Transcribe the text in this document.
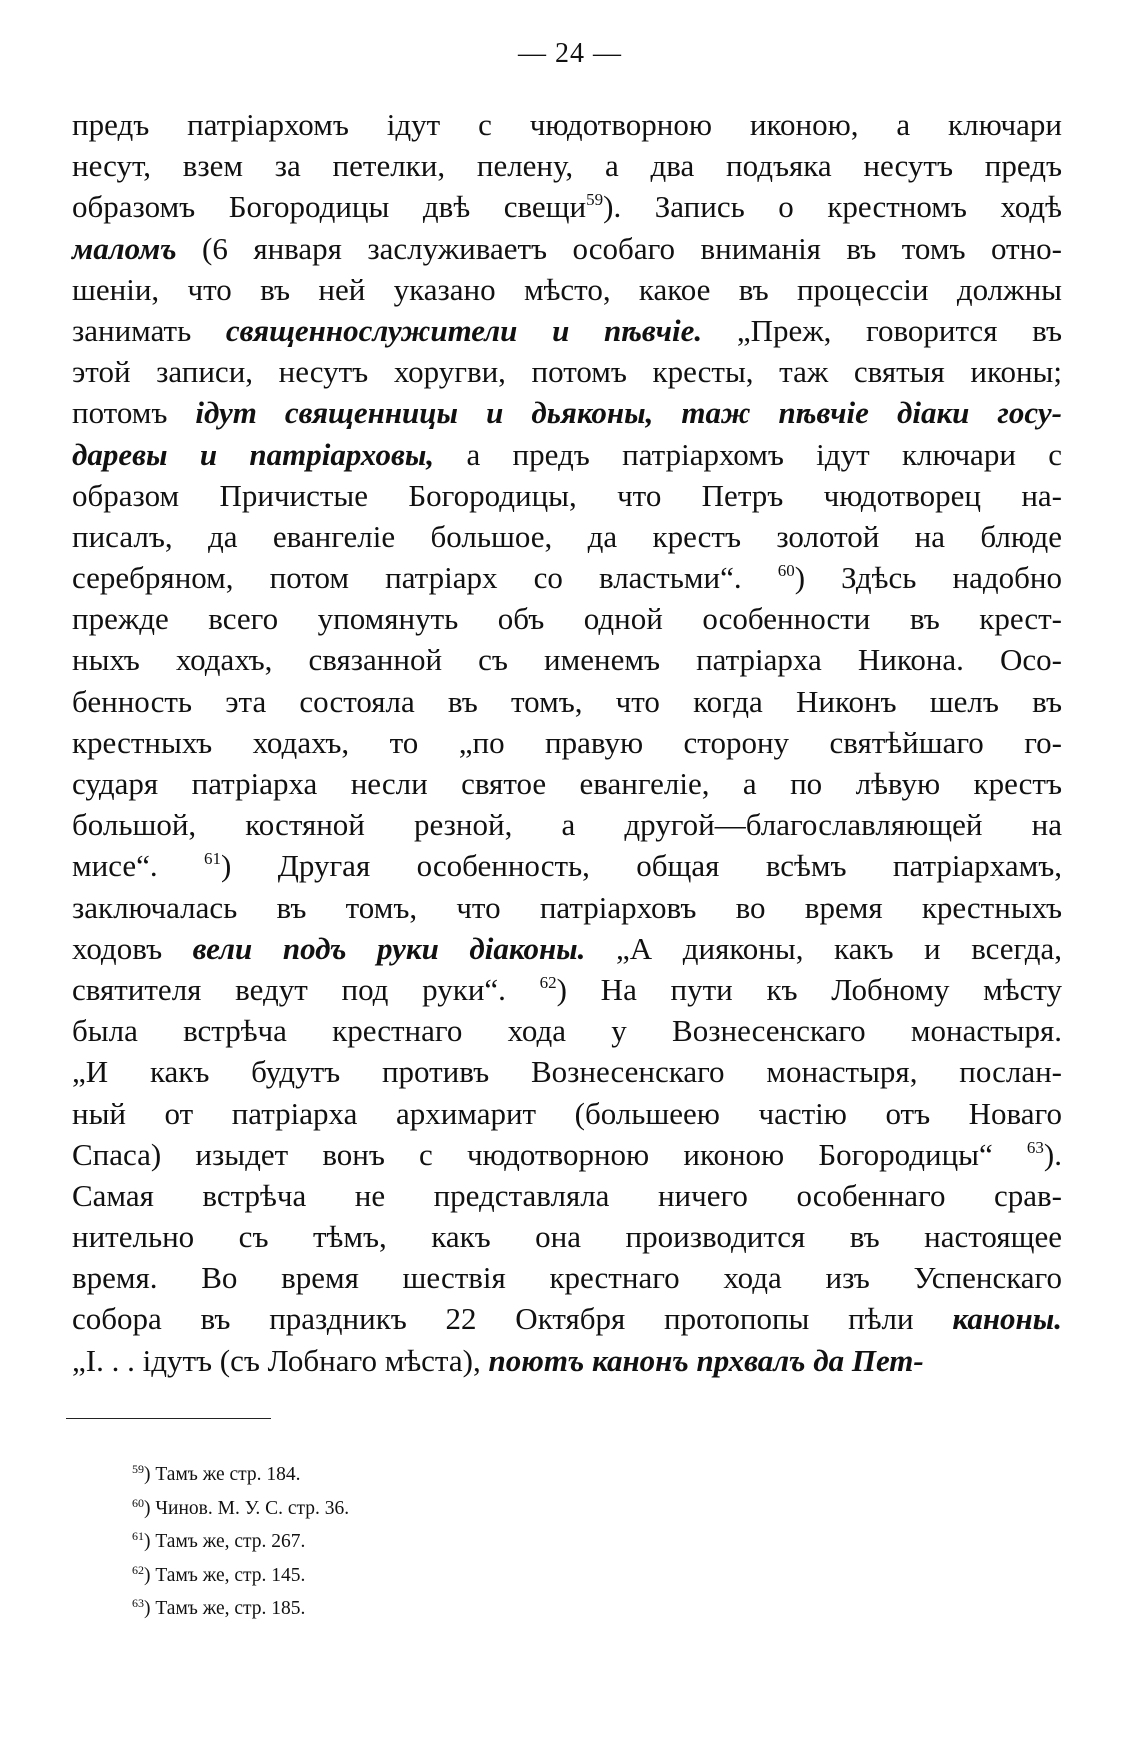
— 24 —
предъ патріархомъ ідут с чюдотворною иконою, а ключари
несут, взем за петелки, пелену, а два подъяка несутъ предъ
образомъ Богородицы двѣ свещи$^{59}$). Запись о крестномъ ходѣ
маломъ (6 января заслуживаетъ особаго вниманія въ томъ отно-
шеніи, что въ ней указано мѣсто, какое въ процессіи должны
занимать священнослужители и пѣвчіе. „Преж, говорится въ
этой записи, несутъ хоругви, потомъ кресты, таж святыя иконы;
потомъ ідут священницы и дьяконы, таж пѣвчіе діаки госу-
даревы и патріарховы, а предъ патріархомъ ідут ключари с
образом Причистые Богородицы, что Петръ чюдотворец на-
писалъ, да евангеліе большое, да крестъ золотой на блюде
серебряном, потом патріарх со властьми“. $^{60}$) Здѣсь надобно
прежде всего упомянуть объ одной особенности въ крест-
ныхъ ходахъ, связанной съ именемъ патріарха Никона. Осо-
бенность эта состояла въ томъ, что когда Никонъ шелъ въ
крестныхъ ходахъ, то „по правую сторону святѣйшаго го-
сударя патріарха несли святое евангеліе, а по лѣвую крестъ
большой, костяной резной, а другой—благославляющей на
мисе“. $^{61}$) Другая особенность, общая всѣмъ патріархамъ,
заключалась въ томъ, что патріарховъ во время крестныхъ
ходовъ вели подъ руки діаконы. „А дияконы, какъ и всегда,
святителя ведут под руки“. $^{62}$) На пути къ Лобному мѣсту
была встрѣча крестнаго хода у Вознесенскаго монастыря.
„И какъ будутъ противъ Вознесенскаго монастыря, послан-
ный от патріарха архимарит (большеею частію отъ Новаго
Спаса) изыдет вонъ с чюдотворною иконою Богородицы“ $^{63}$).
Самая встрѣча не представляла ничего особеннаго срав-
нительно съ тѣмъ, какъ она производится въ настоящее
время. Во время шествія крестнаго хода изъ Успенскаго
собора въ праздникъ 22 Октября протопопы пѣли каноны.
„І. . . ідутъ (съ Лобнаго мѣста), поютъ канонъ прхвалъ да Пет-
$^{59}$) Тамъ же стр. 184.
$^{60}$) Чинов. М. У. С. стр. 36.
$^{61}$) Тамъ же, стр. 267.
$^{62}$) Тамъ же, стр. 145.
$^{63}$) Тамъ же, стр. 185.
